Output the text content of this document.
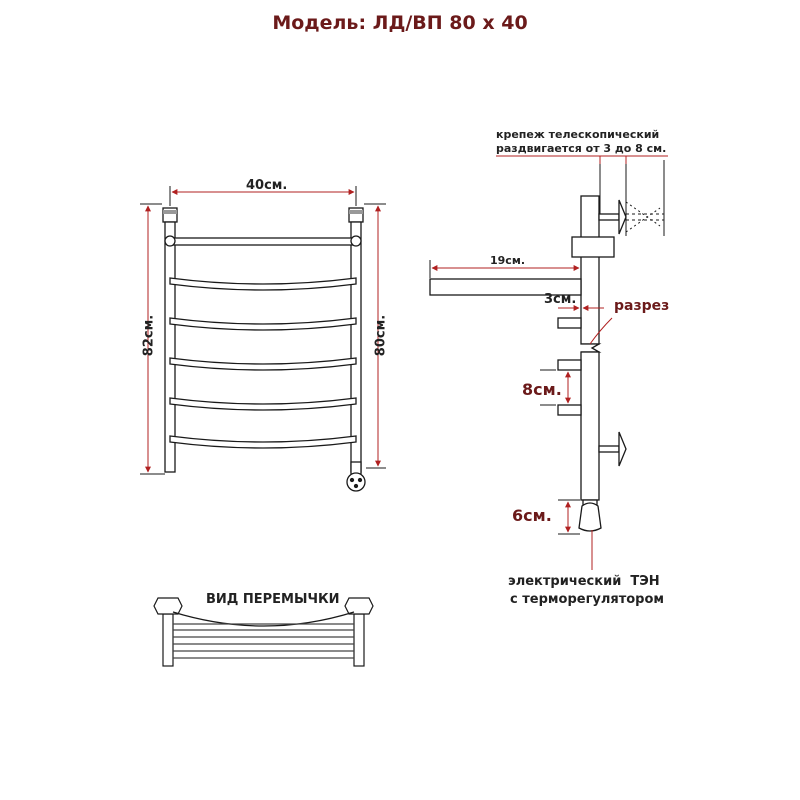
Модель: ЛД/ВП 80 х 40
40см.
82см.	80см.
крепеж телескопический
раздвигается от 3 до 8 см.
19см.
3см.	разрез
8см.
6см.
электрический  ТЭН
с терморегулятором
ВИД ПЕРЕМЫЧКИ
